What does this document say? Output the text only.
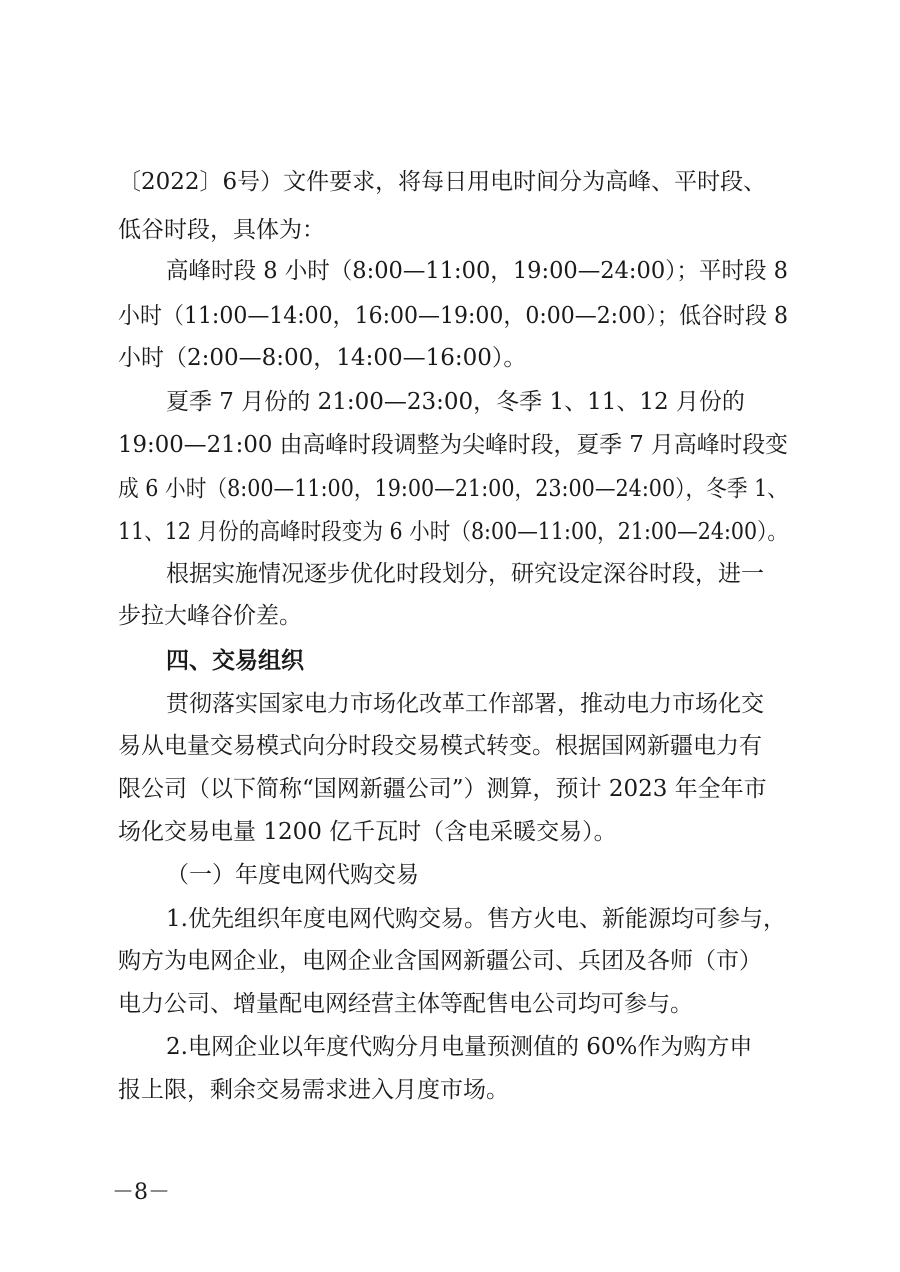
〔2022〕6号）文件要求，将每日用电时间分为高峰、平时段、
低谷时段，具体为：
高峰时段 8 小时（8:00—11:00，19:00—24:00）；平时段 8
小时（11:00—14:00，16:00—19:00，0:00—2:00）；低谷时段 8
小时（2:00—8:00，14:00—16:00）。
夏季 7 月份的 21:00—23:00，冬季 1、11、12 月份的
19:00—21:00 由高峰时段调整为尖峰时段，夏季 7 月高峰时段变
成 6 小时（8:00—11:00，19:00—21:00，23:00—24:00），冬季 1、
11、12 月份的高峰时段变为 6 小时（8:00—11:00，21:00—24:00）。
根据实施情况逐步优化时段划分，研究设定深谷时段，进一
步拉大峰谷价差。
四、交易组织
贯彻落实国家电力市场化改革工作部署，推动电力市场化交
易从电量交易模式向分时段交易模式转变。根据国网新疆电力有
限公司（以下简称“国网新疆公司”）测算，预计 2023 年全年市
场化交易电量 1200 亿千瓦时（含电采暖交易）。
（一）年度电网代购交易
1.优先组织年度电网代购交易。售方火电、新能源均可参与，
购方为电网企业，电网企业含国网新疆公司、兵团及各师（市）
电力公司、增量配电网经营主体等配售电公司均可参与。
2.电网企业以年度代购分月电量预测值的 60%作为购方申
报上限，剩余交易需求进入月度市场。
－8－
